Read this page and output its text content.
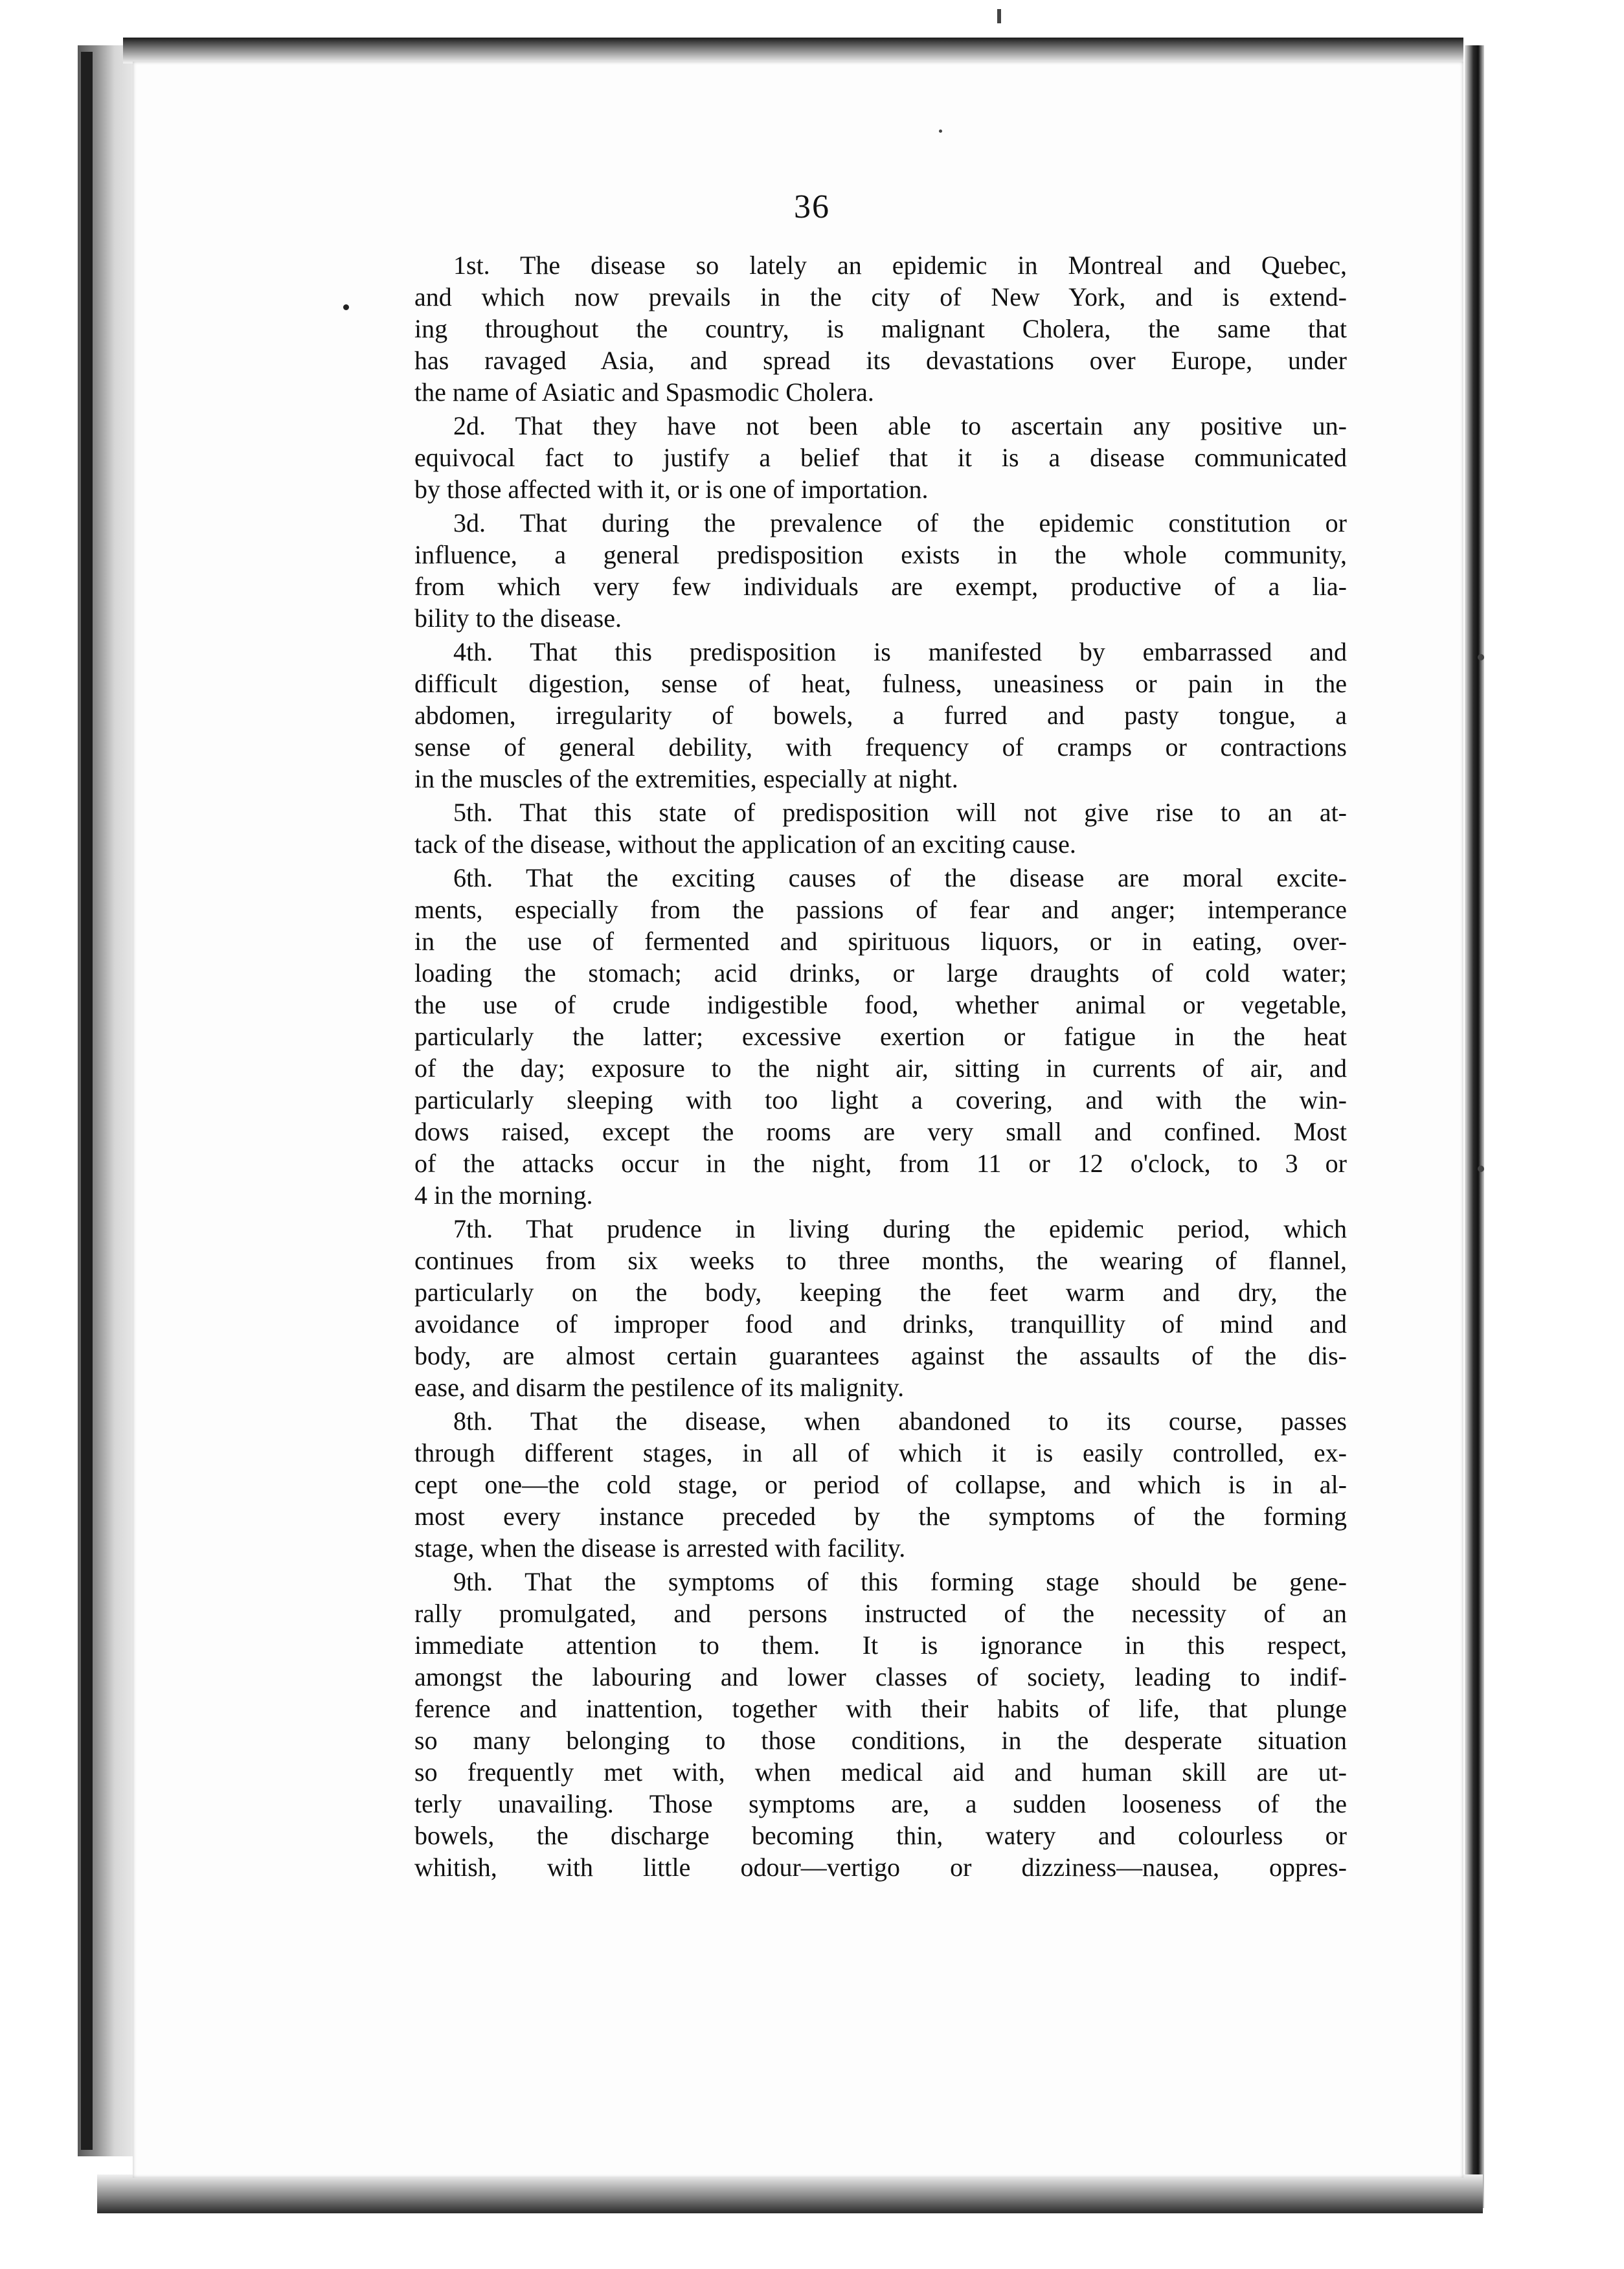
36
1st. The disease so lately an epidemic in Montreal and Quebec,
and which now prevails in the city of New York, and is extend-
ing throughout the country, is malignant Cholera, the same that
has ravaged Asia, and spread its devastations over Europe, under
the name of Asiatic and Spasmodic Cholera.
2d. That they have not been able to ascertain any positive un-
equivocal fact to justify a belief that it is a disease communicated
by those affected with it, or is one of importation.
3d. That during the prevalence of the epidemic constitution or
influence, a general predisposition exists in the whole community,
from which very few individuals are exempt, productive of a lia-
bility to the disease.
4th. That this predisposition is manifested by embarrassed and
difficult digestion, sense of heat, fulness, uneasiness or pain in the
abdomen, irregularity of bowels, a furred and pasty tongue, a
sense of general debility, with frequency of cramps or contractions
in the muscles of the extremities, especially at night.
5th. That this state of predisposition will not give rise to an at-
tack of the disease, without the application of an exciting cause.
6th. That the exciting causes of the disease are moral excite-
ments, especially from the passions of fear and anger; intemperance
in the use of fermented and spirituous liquors, or in eating, over-
loading the stomach; acid drinks, or large draughts of cold water;
the use of crude indigestible food, whether animal or vegetable,
particularly the latter; excessive exertion or fatigue in the heat
of the day; exposure to the night air, sitting in currents of air, and
particularly sleeping with too light a covering, and with the win-
dows raised, except the rooms are very small and confined. Most
of the attacks occur in the night, from 11 or 12 o'clock, to 3 or
4 in the morning.
7th. That prudence in living during the epidemic period, which
continues from six weeks to three months, the wearing of flannel,
particularly on the body, keeping the feet warm and dry, the
avoidance of improper food and drinks, tranquillity of mind and
body, are almost certain guarantees against the assaults of the dis-
ease, and disarm the pestilence of its malignity.
8th. That the disease, when abandoned to its course, passes
through different stages, in all of which it is easily controlled, ex-
cept one—the cold stage, or period of collapse, and which is in al-
most every instance preceded by the symptoms of the forming
stage, when the disease is arrested with facility.
9th. That the symptoms of this forming stage should be gene-
rally promulgated, and persons instructed of the necessity of an
immediate attention to them. It is ignorance in this respect,
amongst the labouring and lower classes of society, leading to indif-
ference and inattention, together with their habits of life, that plunge
so many belonging to those conditions, in the desperate situation
so frequently met with, when medical aid and human skill are ut-
terly unavailing. Those symptoms are, a sudden looseness of the
bowels, the discharge becoming thin, watery and colourless or
whitish, with little odour—vertigo or dizziness—nausea, oppres-
